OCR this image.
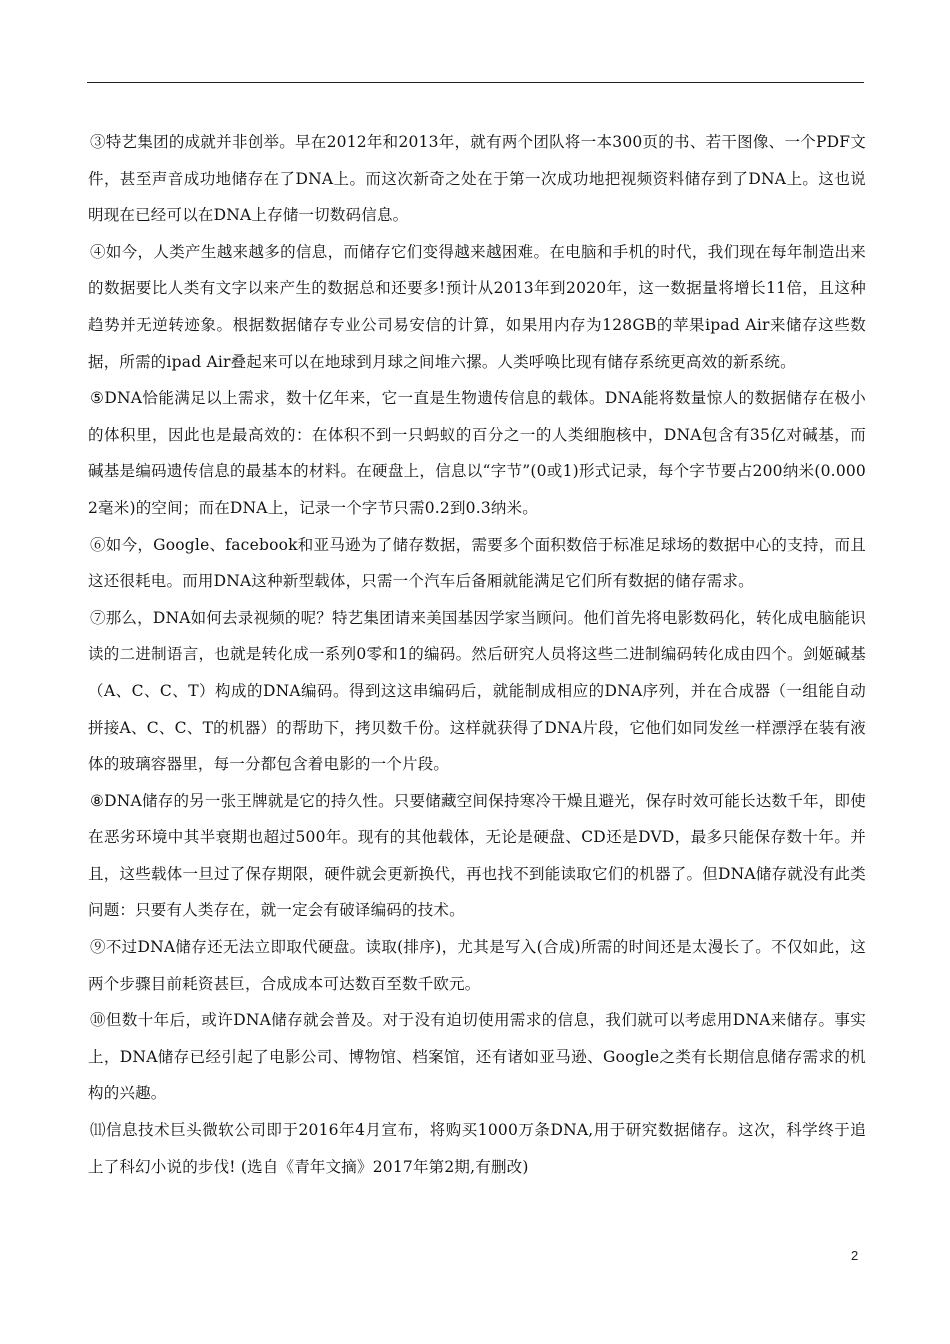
③特艺集团的成就并非创举。早在2012年和2013年，就有两个团队将一本300页的书、若干图像、一个PDF文件，甚至声音成功地储存在了DNA上。而这次新奇之处在于第一次成功地把视频资料储存到了DNA上。这也说明现在已经可以在DNA上存储一切数码信息。

④如今，人类产生越来越多的信息，而储存它们变得越来越困难。在电脑和手机的时代，我们现在每年制造出来的数据要比人类有文字以来产生的数据总和还要多!预计从2013年到2020年，这一数据量将增长11倍，且这种趋势并无逆转迹象。根据数据储存专业公司易安信的计算，如果用内存为128GB的苹果ipad Air来储存这些数据，所需的ipad Air叠起来可以在地球到月球之间堆六摞。人类呼唤比现有储存系统更高效的新系统。

⑤DNA恰能满足以上需求，数十亿年来，它一直是生物遗传信息的载体。DNA能将数量惊人的数据储存在极小的体积里，因此也是最高效的：在体积不到一只蚂蚁的百分之一的人类细胞核中，DNA包含有35亿对碱基，而碱基是编码遗传信息的最基本的材料。在硬盘上，信息以“字节”(0或1)形式记录，每个字节要占200纳米(0.0002毫米)的空间；而在DNA上，记录一个字节只需0.2到0.3纳米。

⑥如今，Google、facebook和亚马逊为了储存数据，需要多个面积数倍于标准足球场的数据中心的支持，而且这还很耗电。而用DNA这种新型载体，只需一个汽车后备厢就能满足它们所有数据的储存需求。

⑦那么，DNA如何去录视频的呢？特艺集团请来美国基因学家当顾问。他们首先将电影数码化，转化成电脑能识读的二进制语言，也就是转化成一系列0零和1的编码。然后研究人员将这些二进制编码转化成由四个。剑姬碱基（A、C、C、T）构成的DNA编码。得到这这串编码后，就能制成相应的DNA序列，并在合成器（一组能自动拼接A、C、C、T的机器）的帮助下，拷贝数千份。这样就获得了DNA片段，它他们如同发丝一样漂浮在装有液体的玻璃容器里，每一分都包含着电影的一个片段。

⑧DNA储存的另一张王牌就是它的持久性。只要储藏空间保持寒冷干燥且避光，保存时效可能长达数千年，即使在恶劣环境中其半衰期也超过500年。现有的其他载体，无论是硬盘、CD还是DVD，最多只能保存数十年。并且，这些载体一旦过了保存期限，硬件就会更新换代，再也找不到能读取它们的机器了。但DNA储存就没有此类问题：只要有人类存在，就一定会有破译编码的技术。

⑨不过DNA储存还无法立即取代硬盘。读取(排序)，尤其是写入(合成)所需的时间还是太漫长了。不仅如此，这两个步骤目前耗资甚巨，合成成本可达数百至数千欧元。

⑩但数十年后，或许DNA储存就会普及。对于没有迫切使用需求的信息，我们就可以考虑用DNA来储存。事实上，DNA储存已经引起了电影公司、博物馆、档案馆，还有诸如亚马逊、Google之类有长期信息储存需求的机构的兴趣。

⑾信息技术巨头微软公司即于2016年4月宣布，将购买1000万条DNA,用于研究数据储存。这次，科学终于追上了科幻小说的步伐! (选自《青年文摘》2017年第2期,有删改)

2
